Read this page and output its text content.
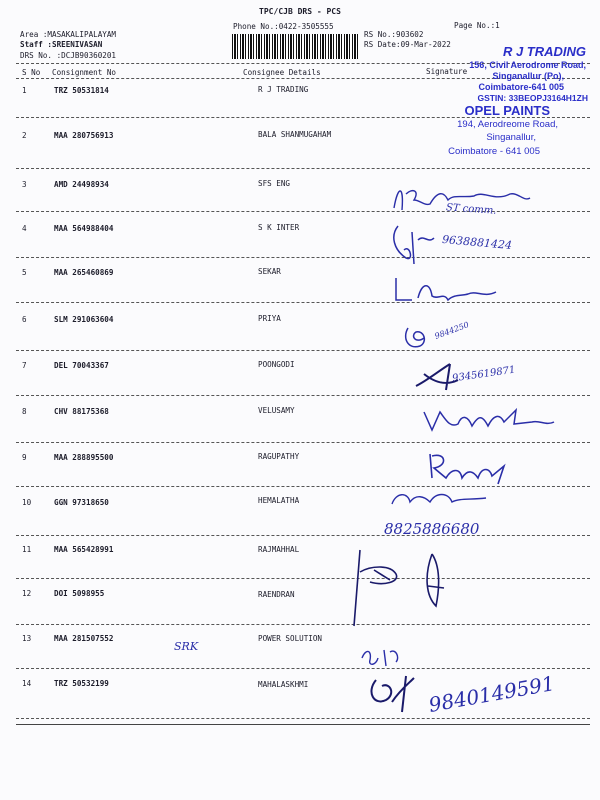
TPC/CJB DRS - PCS
Phone No.:0422-3505555
Area :MASAKALIPALAYAM
Staff :SREENIVASAN
DRS No. :DCJB90360201
RS No.:903602
RS Date:09-Mar-2022
Page No.:1
S No Consignment No	Consignee Details	Signature
1	TRZ 50531814	R J TRADING
2	MAA 280756913	BALA SHANMUGAHAM
3	AMD 24498934	SFS ENG
4	MAA 564988404	S K INTER
5	MAA 265460869	SEKAR
6	SLM 291063604	PRIYA
7	DEL 70043367	POONGODI
8	CHV 88175368	VELUSAMY
9	MAA 288895500	RAGUPATHY
10	GGN 97318650	HEMALATHA
11	MAA 565428991	RAJMAHHAL
12	DOI 5098955	RAENDRAN
13	MAA 281507552	POWER SOLUTION
14	TRZ 50532199	MAHALASKHMI
R J TRADING
156, Civil Aerodrome Road,
Singanallur (Po),
Coimbatore-641 005
GSTIN: 33BEOPJ3164H1ZH
OPEL PAINTS
194, Aerodreome Road,
Singanallur,
Coimbatore - 641 005
ST comm.
9638881424
9844250
9345619871
8825886680
SRK
9840149591
